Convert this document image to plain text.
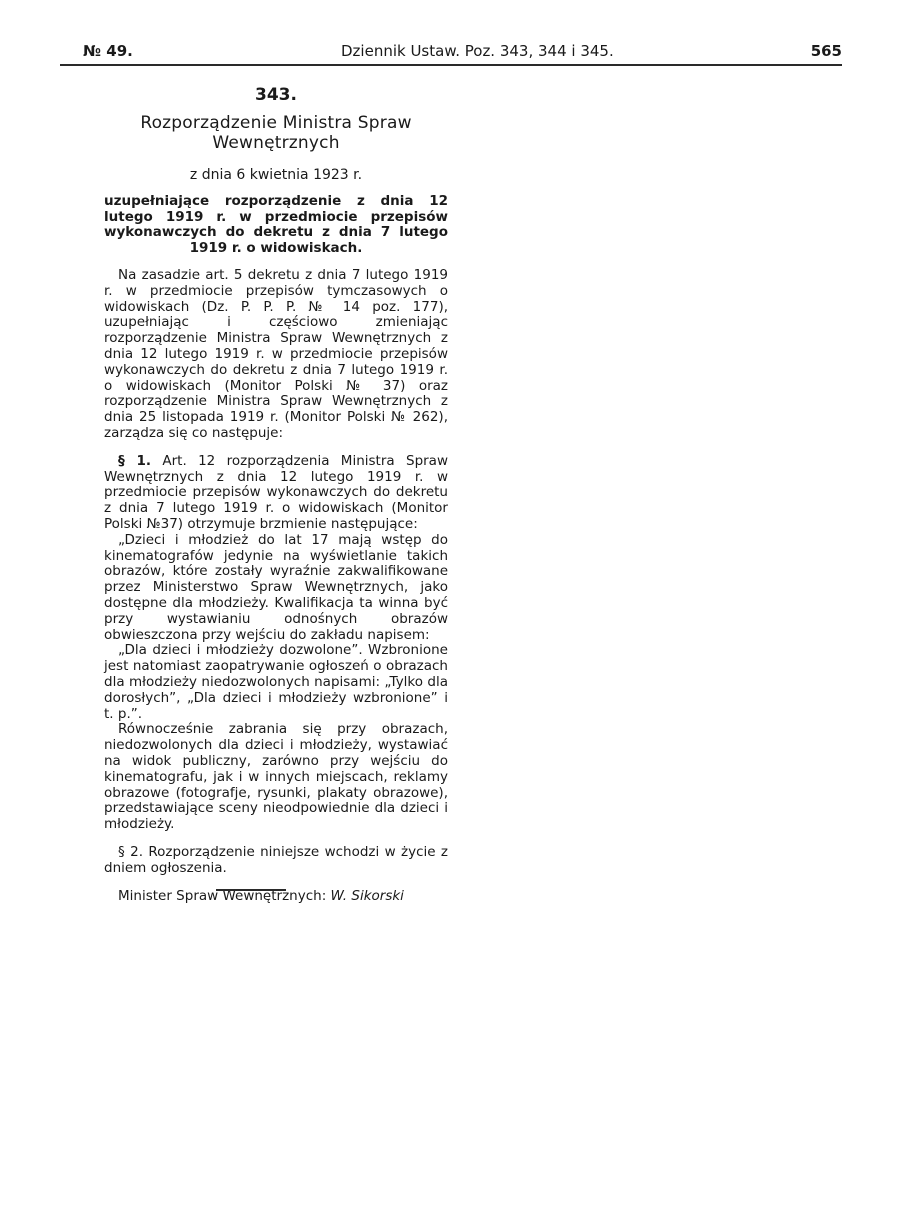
№ 49.	Dziennik Ustaw. Poz. 343, 344 i 345.	565

343.

Rozporządzenie Ministra Spraw Wewnętrznych

z dnia 6 kwietnia 1923 r.

uzupełniające rozporządzenie z dnia 12 lutego 1919 r. w przedmiocie przepisów wykonawczych do dekretu z dnia 7 lutego 1919 r. o widowiskach.

Na zasadzie art. 5 dekretu z dnia 7 lutego 1919 r. w przedmiocie przepisów tymczasowych o widowiskach (Dz. P. P. P. № 14 poz. 177), uzupełniając i częściowo zmieniając rozporządzenie Ministra Spraw Wewnętrznych z dnia 12 lutego 1919 r. w przedmiocie przepisów wykonawczych do dekretu z dnia 7 lutego 1919 r. o widowiskach (Monitor Polski № 37) oraz rozporządzenie Ministra Spraw Wewnętrznych z dnia 25 listopada 1919 r. (Monitor Polski № 262), zarządza się co następuje:

§ 1. Art. 12 rozporządzenia Ministra Spraw Wewnętrznych z dnia 12 lutego 1919 r. w przedmiocie przepisów wykonawczych do dekretu z dnia 7 lutego 1919 r. o widowiskach (Monitor Polski №37) otrzymuje brzmienie następujące:

„Dzieci i młodzież do lat 17 mają wstęp do kinematografów jedynie na wyświetlanie takich obrazów, które zostały wyraźnie zakwalifikowane przez Ministerstwo Spraw Wewnętrznych, jako dostępne dla młodzieży. Kwalifikacja ta winna być przy wystawianiu odnośnych obrazów obwieszczona przy wejściu do zakładu napisem:

„Dla dzieci i młodzieży dozwolone”. Wzbronione jest natomiast zaopatrywanie ogłoszeń o obrazach dla młodzieży niedozwolonych napisami: „Tylko dla dorosłych”, „Dla dzieci i młodzieży wzbronione” i t. p.”.

Równocześnie zabrania się przy obrazach, niedozwolonych dla dzieci i młodzieży, wystawiać na widok publiczny, zarówno przy wejściu do kinematografu, jak i w innych miejscach, reklamy obrazowe (fotografje, rysunki, plakaty obrazowe), przedstawiające sceny nieodpowiednie dla dzieci i młodzieży.

§ 2. Rozporządzenie niniejsze wchodzi w życie z dniem ogłoszenia.

Minister Spraw Wewnętrznych: W. Sikorski
